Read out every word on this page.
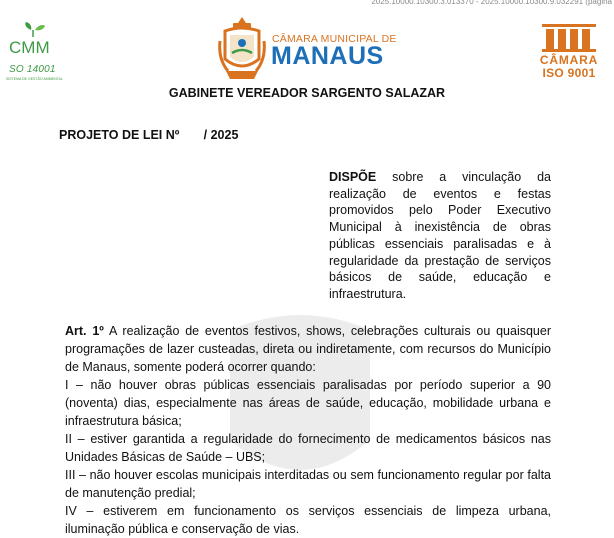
2025.10000.10300.3.013370 - 2025.10000.10300.9.032291 (pagina
CMM
SO 14001
SISTEMA DE GESTÃO AMBIENTAL
CÂMARA MUNICIPAL DE
MANAUS	CÂMARA
ISO 9001
GABINETE VEREADOR SARGENTO SALAZAR
PROJETO DE LEI Nº       / 2025
DISPÕE sobre a vinculação da realização de eventos e festas promovidos pelo Poder Executivo Municipal à inexistência de obras públicas essenciais paralisadas e à regularidade da prestação de serviços básicos de saúde, educação e infraestrutura.

Art. 1º A realização de eventos festivos, shows, celebrações culturais ou quaisquer programações de lazer custeadas, direta ou indiretamente, com recursos do Município de Manaus, somente poderá ocorrer quando:

I – não houver obras públicas essenciais paralisadas por período superior a 90 (noventa) dias, especialmente nas áreas de saúde, educação, mobilidade urbana e infraestrutura básica;

II – estiver garantida a regularidade do fornecimento de medicamentos básicos nas Unidades Básicas de Saúde – UBS;

III – não houver escolas municipais interditadas ou sem funcionamento regular por falta de manutenção predial;

IV – estiverem em funcionamento os serviços essenciais de limpeza urbana, iluminação pública e conservação de vias.
